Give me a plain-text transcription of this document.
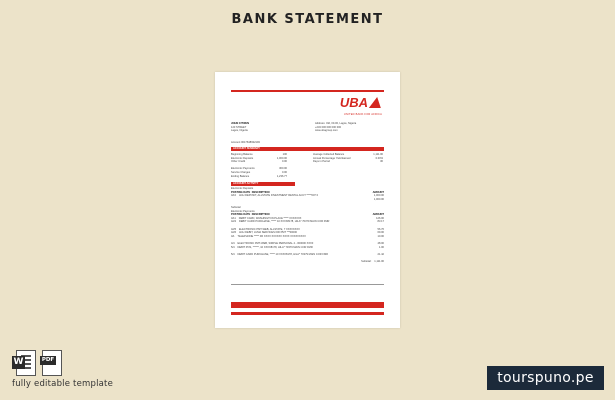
BANK STATEMENT
UBA
UNITED BANK FOR AFRICA
JOHN CITIZEN
123 STREET
Lagos, Nigeria
Address: Old, 00-00, Lagos, Nigeria
+234 000 000 000 000
www.ubagroup.com
Account 0017648932193
ACCOUNT SUMMARY
Beginning Balance	100
Electronic Deposits	1,000.00
Other Credit	0.00

Electronic Payments	300.00
Service Charges	0.00
Ending Balance	1,236.77
Average Collected Balance	1,111.00
Annual Percentage Yield Earned	0.00%
Days in Period	30
ACCOUNT ACTIVITY
Electronic Deposits
POSTING DATE  DESCRIPTION	AMOUNT
4/10 ACH DEPOSIT, ALLSTATE INVESTMENT RENTAL ACCT *****007 0	1,000.00
1,000.00
Subtotal
Electronic Payments
POSTING DATE  DESCRIPTION	AMOUNT
4/11 DEBIT CARD, WASHINGTON PLACE ***** XXXXXXX	126.00
4/22 DEBIT CARD PURCHASE, ***** 10 XXXX8178, HILA* 70379 MAIN COR FMR	83.17

4/25 ELECTRONIC PMT-WEB, ALLSTATE, 7 XXXXXXXX	56.76
4/26 ACH DEBIT, LUMA SERVICES 000 PMT ***00000	69.00
4/1 TELEPHONE ***** FR XXXX XXXXXX XXXX XXXXXXXXX	10.00

4/4 ELECTRONIC PMT-WEB, SIMPLE PERSONAL 4 - 000000 XXXF	48.00
5/4 DEBIT POS, ******, 10 XXXX8178, HILA* 70379 MAIN COR FMR	1.00

5/4 DEBIT CARD PURCHASE, ***** 10 XXXX8178, HILA* 70379 MAIN COR FMR	21.42

Subtotal: 1,111.00
W	PDF
fully editable template	tourspuno.pe
